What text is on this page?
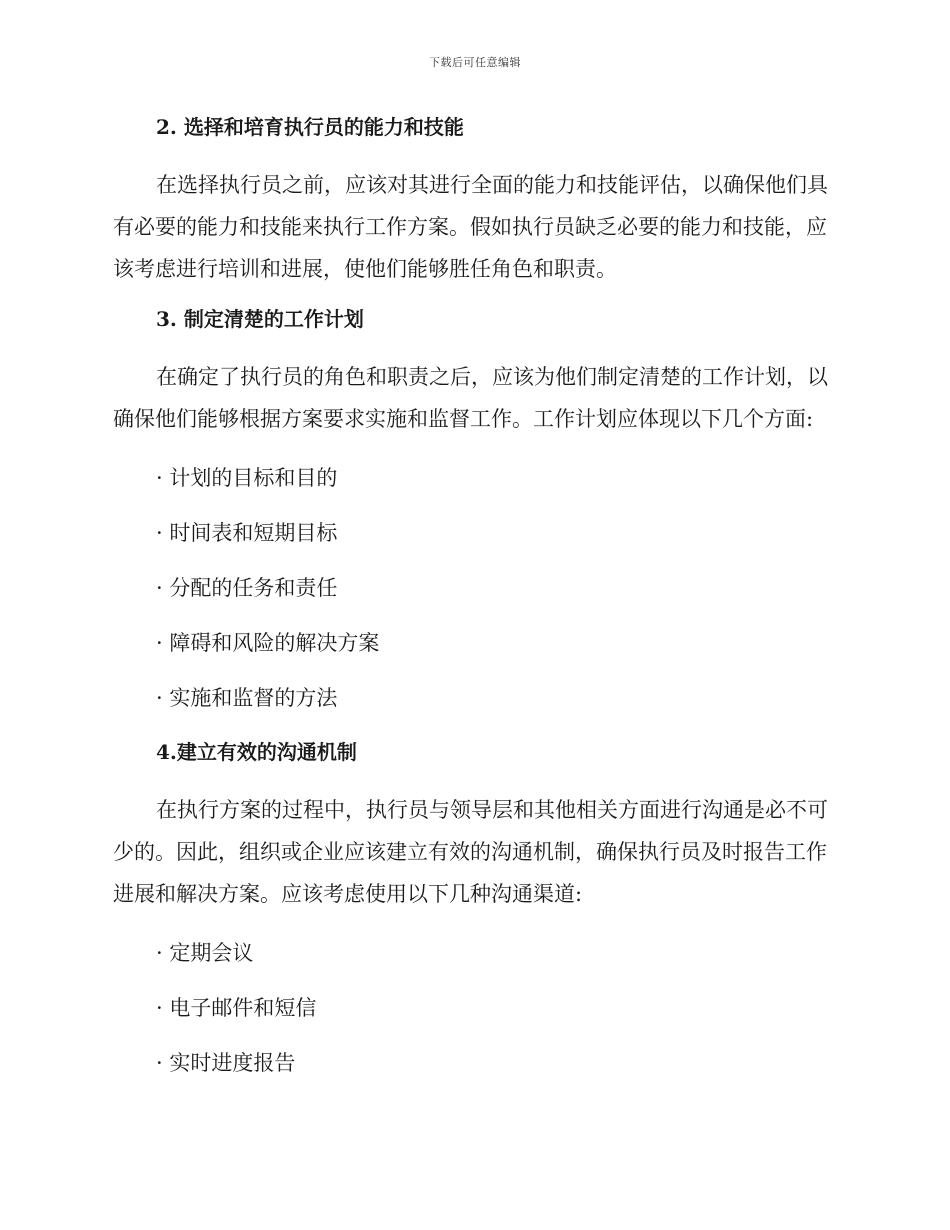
下载后可任意编辑
2. 选择和培育执行员的能力和技能

在选择执行员之前，应该对其进行全面的能力和技能评估，以确保他们具有必要的能力和技能来执行工作方案。假如执行员缺乏必要的能力和技能，应该考虑进行培训和进展，使他们能够胜任角色和职责。

3. 制定清楚的工作计划

在确定了执行员的角色和职责之后，应该为他们制定清楚的工作计划，以确保他们能够根据方案要求实施和监督工作。工作计划应体现以下几个方面:

· 计划的目标和目的
· 时间表和短期目标
· 分配的任务和责任
· 障碍和风险的解决方案
· 实施和监督的方法
4.建立有效的沟通机制

在执行方案的过程中，执行员与领导层和其他相关方面进行沟通是必不可少的。因此，组织或企业应该建立有效的沟通机制，确保执行员及时报告工作进展和解决方案。应该考虑使用以下几种沟通渠道:

· 定期会议
· 电子邮件和短信
· 实时进度报告
